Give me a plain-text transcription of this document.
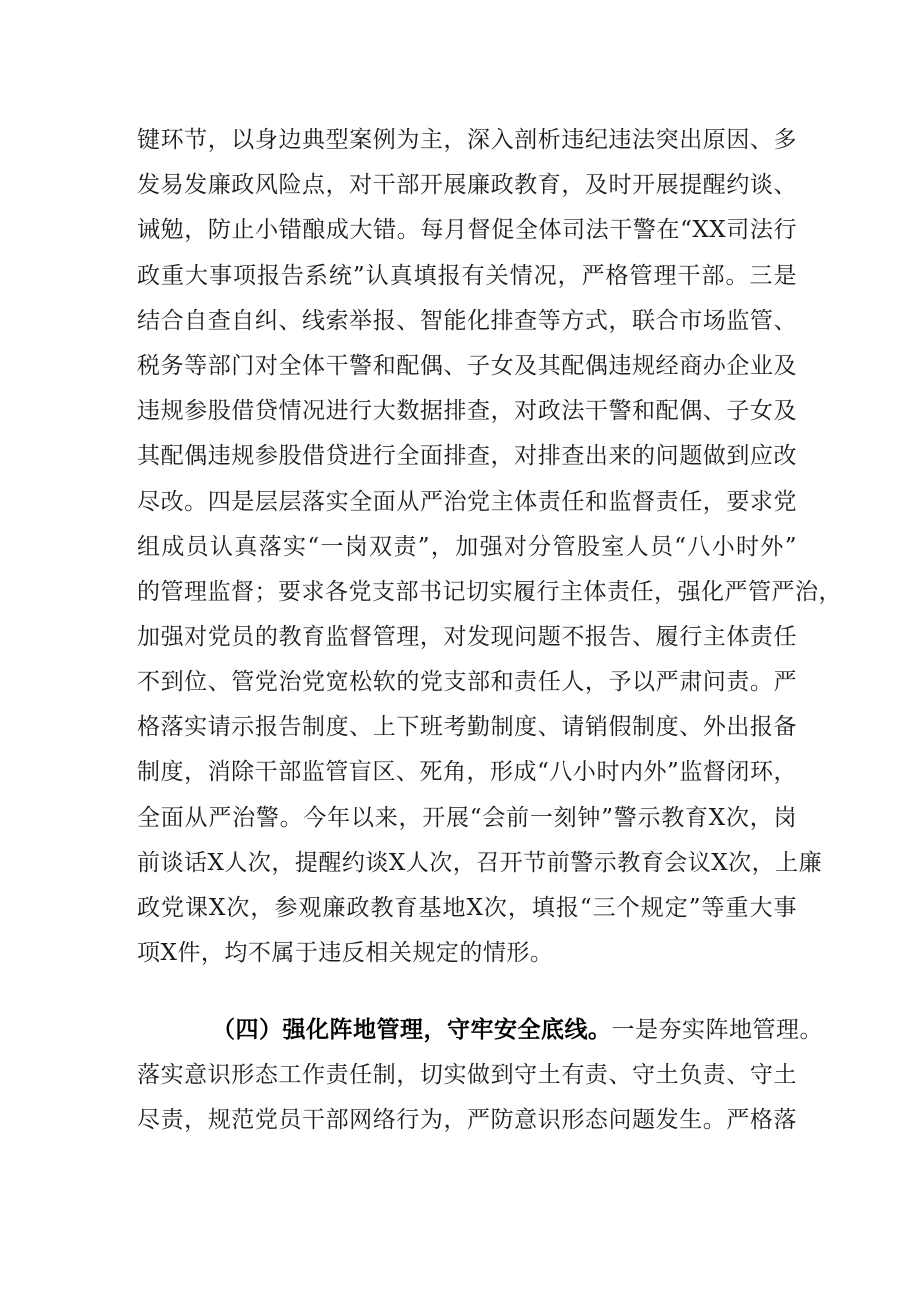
键环节，以身边典型案例为主，深入剖析违纪违法突出原因、多

发易发廉政风险点，对干部开展廉政教育，及时开展提醒约谈、

诫勉，防止小错酿成大错。每月督促全体司法干警在“XX司法行

政重大事项报告系统”认真填报有关情况，严格管理干部。三是

结合自查自纠、线索举报、智能化排查等方式，联合市场监管、

税务等部门对全体干警和配偶、子女及其配偶违规经商办企业及

违规参股借贷情况进行大数据排查，对政法干警和配偶、子女及

其配偶违规参股借贷进行全面排查，对排查出来的问题做到应改

尽改。四是层层落实全面从严治党主体责任和监督责任，要求党

组成员认真落实“一岗双责”，加强对分管股室人员“八小时外”

的管理监督；要求各党支部书记切实履行主体责任，强化严管严治，

加强对党员的教育监督管理，对发现问题不报告、履行主体责任

不到位、管党治党宽松软的党支部和责任人，予以严肃问责。严

格落实请示报告制度、上下班考勤制度、请销假制度、外出报备

制度，消除干部监管盲区、死角，形成“八小时内外”监督闭环，

全面从严治警。今年以来，开展“会前一刻钟”警示教育X次，岗

前谈话X人次，提醒约谈X人次，召开节前警示教育会议X次，上廉

政党课X次，参观廉政教育基地X次，填报“三个规定”等重大事

项X件，均不属于违反相关规定的情形。

（四）强化阵地管理，守牢安全底线。一是夯实阵地管理。

落实意识形态工作责任制，切实做到守土有责、守土负责、守土

尽责，规范党员干部网络行为，严防意识形态问题发生。严格落
